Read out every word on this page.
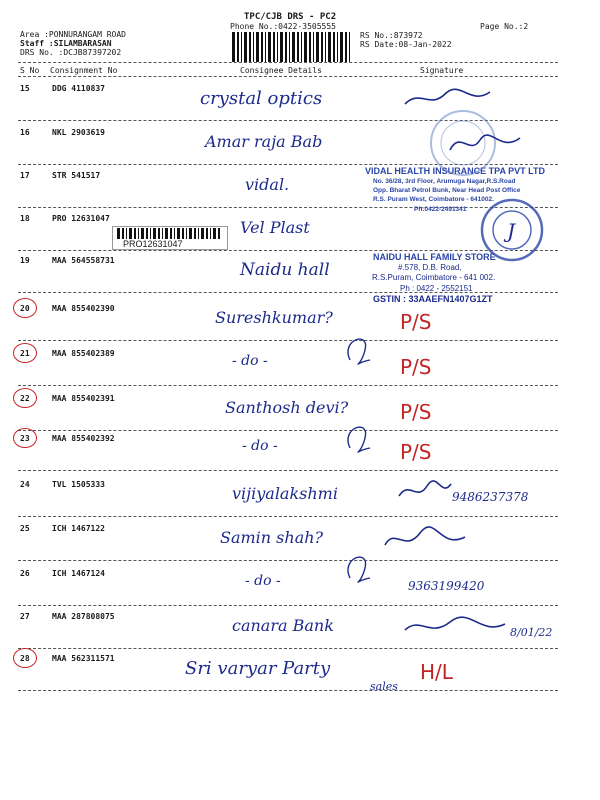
TPC/CJB DRS - PC2
Phone No.:0422-3505555
Area :PONNURANGAM ROAD
Staff :SILAMBARASAN
DRS No. :DCJB87397202
RS No.:873972
Page No.:2
RS Date:08-Jan-2022
S No Consignment No	Consignee Details	Signature
15	DDG 4110837	crystal optics
16	NKL 2903619	Amar raja Bab
17	STR 541517	vidal.
18	PRO 12631047	Vel Plast
19	MAA 564558731	Naidu hall
20	MAA 855402390	Sureshkumar?	P/S
21	MAA 855402389	- do -	P/S
22	MAA 855402391	Santhosh devi?	P/S
23	MAA 855402392	- do -	P/S
24	TVL 1505333	vijiyalakshmi	9486237378
25	ICH 1467122	Samin shah?
26	ICH 1467124	- do -	9363199420
27	MAA 287808075	canara Bank	8/01/22
28	MAA 562311571	Sri varyar Party	H/L
PRO12631047
VIDAL HEALTH INSURANCE TPA PVT LTD
No. 36/28, 3rd Floor, Arumuga Nagar,R.S.Road
Opp. Bharat Petrol Bunk, Near Head Post Office
R.S. Puram West, Coimbatore - 641002.
Ph:0422-2491341
J
NAIDU HALL FAMILY STORE
#.578, D.B. Road,
R.S.Puram, Coimbatore - 641 002.
Ph : 0422 - 2552151
GSTIN : 33AAEFN1407G1ZT
sales
